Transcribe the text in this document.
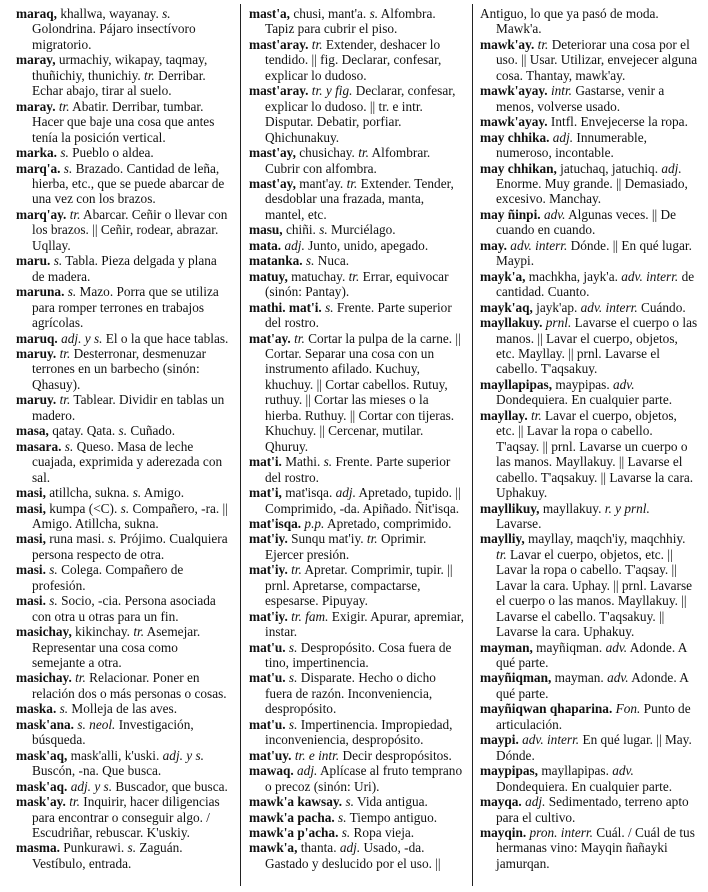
maraq, khallwa, wayanay. s. Golondrina. Pájaro insectívoro migratorio.

maray, urmachiy, wikapay, taqmay, thuñichiy, thunichiy. tr. Derribar. Echar abajo, tirar al suelo.

maray. tr. Abatir. Derribar, tumbar. Hacer que baje una cosa que antes tenía la posición vertical.

marka. s. Pueblo o aldea.

marq'a. s. Brazado. Cantidad de leña, hierba, etc., que se puede abarcar de una vez con los brazos.

marq'ay. tr. Abarcar. Ceñir o llevar con los brazos. || Ceñir, rodear, abrazar. Uqllay.

maru. s. Tabla. Pieza delgada y plana de madera.

maruna. s. Mazo. Porra que se utiliza para romper terrones en trabajos agrícolas.

maruq. adj. y s. El o la que hace tablas.

maruy. tr. Desterronar, desmenuzar terrones en un barbecho (sinón: Qhasuy).

maruy. tr. Tablear. Dividir en tablas un madero.

masa, qatay. Qata. s. Cuñado.

masara. s. Queso. Masa de leche cuajada, exprimida y aderezada con sal.

masi, atillcha, sukna. s. Amigo.

masi, kumpa (<C). s. Compañero, -ra. || Amigo. Atillcha, sukna.

masi, runa masi. s. Prójimo. Cualquiera persona respecto de otra.

masi. s. Colega. Compañero de profesión.

masi. s. Socio, -cia. Persona asociada con otra u otras para un fin.

masichay, kikinchay. tr. Asemejar. Representar una cosa como semejante a otra.

masichay. tr. Relacionar. Poner en relación dos o más personas o cosas.

maska. s. Molleja de las aves.

mask'ana. s. neol. Investigación, búsqueda.

mask'aq, mask'alli, k'uski. adj. y s. Buscón, -na. Que busca.

mask'aq. adj. y s. Buscador, que busca.

mask'ay. tr. Inquirir, hacer diligencias para encontrar o conseguir algo. / Escudriñar, rebuscar. K'uskiy.

masma. Punkurawi. s. Zaguán. Vestíbulo, entrada.

mast'a, chusi, mant'a. s. Alfombra. Tapiz para cubrir el piso.

mast'aray. tr. Extender, deshacer lo tendido. || fig. Declarar, confesar, explicar lo dudoso.

mast'aray. tr. y fig. Declarar, confesar, explicar lo dudoso. || tr. e intr. Disputar. Debatir, porfiar. Qhichunakuy.

mast'ay, chusichay. tr. Alfombrar. Cubrir con alfombra.

mast'ay, mant'ay. tr. Extender. Tender, desdoblar una frazada, manta, mantel, etc.

masu, chiñi. s. Murciélago.

mata. adj. Junto, unido, apegado.

matanka. s. Nuca.

matuy, matuchay. tr. Errar, equivocar (sinón: Pantay).

mathi. mat'i. s. Frente. Parte superior del rostro.

mat'ay. tr. Cortar la pulpa de la carne. || Cortar. Separar una cosa con un instrumento afilado. Kuchuy, khuchuy. || Cortar cabellos. Rutuy, ruthuy. || Cortar las mieses o la hierba. Ruthuy. || Cortar con tijeras. Khuchuy. || Cercenar, mutilar. Qhuruy.

mat'i. Mathi. s. Frente. Parte superior del rostro.

mat'i, mat'isqa. adj. Apretado, tupido. || Comprimido, -da. Apiñado. Ñit'isqa.

mat'isqa. p.p. Apretado, comprimido.

mat'iy. Sunqu mat'iy. tr. Oprimir. Ejercer presión.

mat'iy. tr. Apretar. Comprimir, tupir. || prnl. Apretarse, compactarse, espesarse. Pipuyay.

mat'iy. tr. fam. Exigir. Apurar, apremiar, instar.

mat'u. s. Despropósito. Cosa fuera de tino, impertinencia.

mat'u. s. Disparate. Hecho o dicho fuera de razón. Inconveniencia, despropósito.

mat'u. s. Impertinencia. Impropiedad, inconveniencia, despropósito.

mat'uy. tr. e intr. Decir despropósitos.

mawaq. adj. Aplícase al fruto temprano o precoz (sinón: Uri).

mawk'a kawsay. s. Vida antigua.

mawk'a pacha. s. Tiempo antiguo.

mawk'a p'acha. s. Ropa vieja.

mawk'a, thanta. adj. Usado, -da. Gastado y deslucido por el uso. ||

Antiguo, lo que ya pasó de moda. Mawk'a.

mawk'ay. tr. Deteriorar una cosa por el uso. || Usar. Utilizar, envejecer alguna cosa. Thantay, mawk'ay.

mawk'ayay. intr. Gastarse, venir a menos, volverse usado.

mawk'ayay. Intfl. Envejecerse la ropa.

may chhika. adj. Innumerable, numeroso, incontable.

may chhikan, jatuchaq, jatuchiq. adj. Enorme. Muy grande. || Demasiado, excesivo. Manchay.

may ñinpi. adv. Algunas veces. || De cuando en cuando.

may. adv. interr. Dónde. || En qué lugar. Maypi.

mayk'a, machkha, jayk'a. adv. interr. de cantidad. Cuanto.

mayk'aq, jayk'ap. adv. interr. Cuándo.

mayllakuy. prnl. Lavarse el cuerpo o las manos. || Lavar el cuerpo, objetos, etc. Mayllay. || prnl. Lavarse el cabello. T'aqsakuy.

mayllapipas, maypipas. adv. Dondequiera. En cualquier parte.

mayllay. tr. Lavar el cuerpo, objetos, etc. || Lavar la ropa o cabello. T'aqsay. || prnl. Lavarse un cuerpo o las manos. Mayllakuy. || Lavarse el cabello. T'aqsakuy. || Lavarse la cara. Uphakuy.

mayllikuy, mayllakuy. r. y prnl. Lavarse.

maylliy, mayllay, maqch'iy, maqchhiy. tr. Lavar el cuerpo, objetos, etc. || Lavar la ropa o cabello. T'aqsay. || Lavar la cara. Uphay. || prnl. Lavarse el cuerpo o las manos. Mayllakuy. || Lavarse el cabello. T'aqsakuy. || Lavarse la cara. Uphakuy.

mayman, mayñiqman. adv. Adonde. A qué parte.

mayñiqman, mayman. adv. Adonde. A qué parte.

mayñiqwan qhaparina. Fon. Punto de articulación.

maypi. adv. interr. En qué lugar. || May. Dónde.

maypipas, mayllapipas. adv. Dondequiera. En cualquier parte.

mayqa. adj. Sedimentado, terreno apto para el cultivo.

mayqin. pron. interr. Cuál. / Cuál de tus hermanas vino: Mayqin ñañayki jamurqan.
